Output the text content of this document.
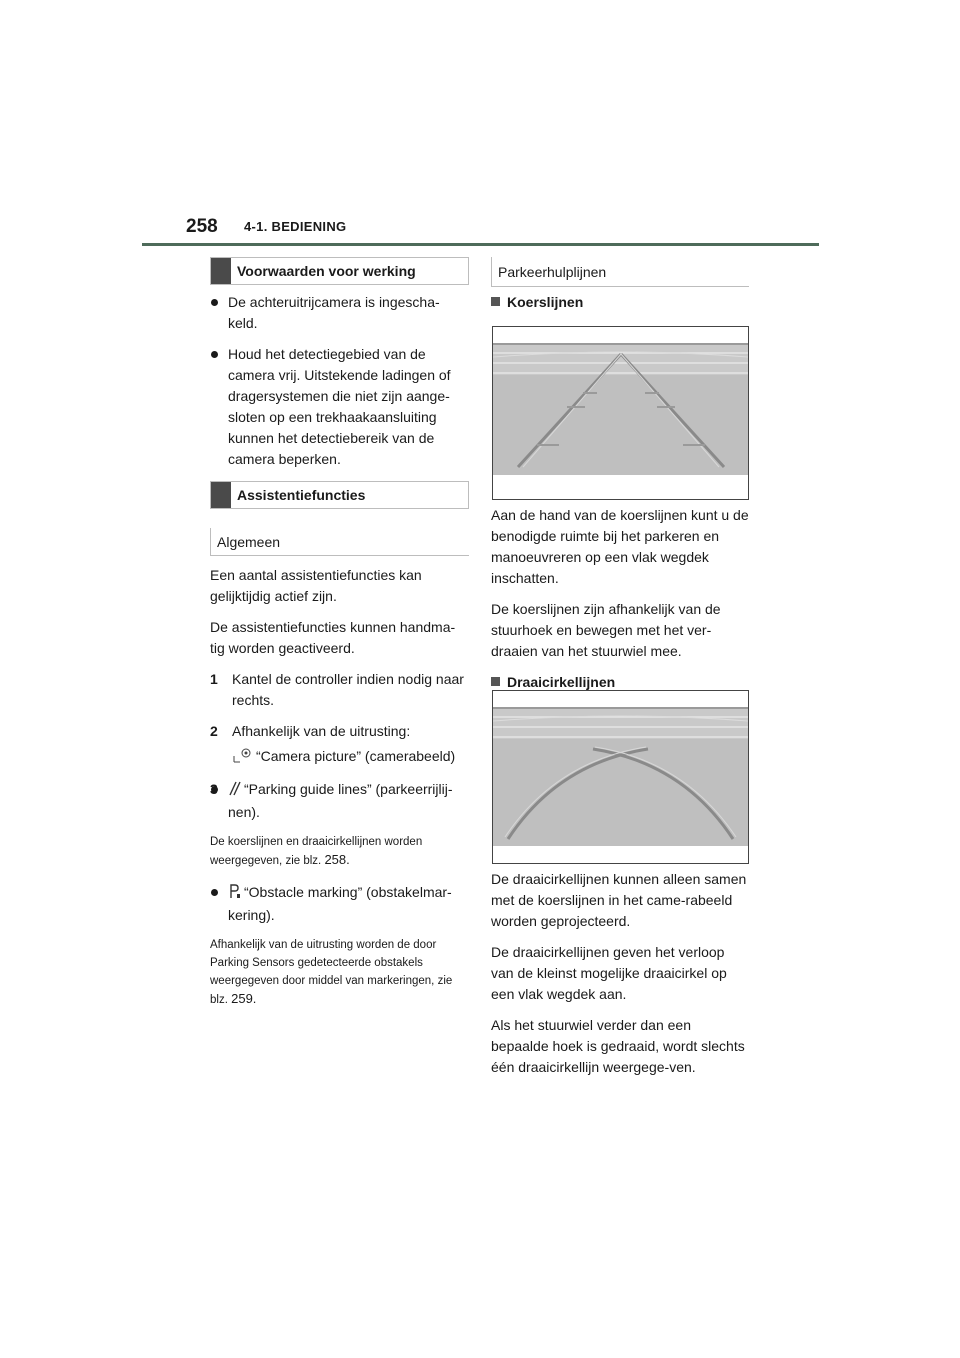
258 4-1. BEDIENING
Voorwaarden voor werking
De achteruitrijcamera is ingescha-keld.
Houd het detectiegebied van de camera vrij. Uitstekende ladingen of dragersystemen die niet zijn aange-sloten op een trekhaakaansluiting kunnen het detectiebereik van de camera beperken.
Assistentiefuncties
Algemeen

Een aantal assistentiefuncties kan gelijktijdig actief zijn.

De assistentiefuncties kunnen handma-tig worden geactiveerd.

1 Kantel de controller indien nodig naar rechts.
2 Afhankelijk van de uitrusting:
“Camera picture” (camerabeeld)
“Parking guide lines” (parkeerrijlij-nen).

De koerslijnen en draaicirkellijnen worden weergegeven, zie blz. 258.

“Obstacle marking” (obstakelmar-kering).

Afhankelijk van de uitrusting worden de door Parking Sensors gedetecteerde obstakels weergegeven door middel van markeringen, zie blz. 259.

Parkeerhulplijnen
Koerslijnen

Aan de hand van de koerslijnen kunt u de benodigde ruimte bij het parkeren en manoeuvreren op een vlak wegdek inschatten.

De koerslijnen zijn afhankelijk van de stuurhoek en bewegen met het ver-draaien van het stuurwiel mee.

Draaicirkellijnen

De draaicirkellijnen kunnen alleen samen met de koerslijnen in het came-rabeeld worden geprojecteerd.

De draaicirkellijnen geven het verloop van de kleinst mogelijke draaicirkel op een vlak wegdek aan.

Als het stuurwiel verder dan een bepaalde hoek is gedraaid, wordt slechts één draaicirkellijn weergege-ven.
